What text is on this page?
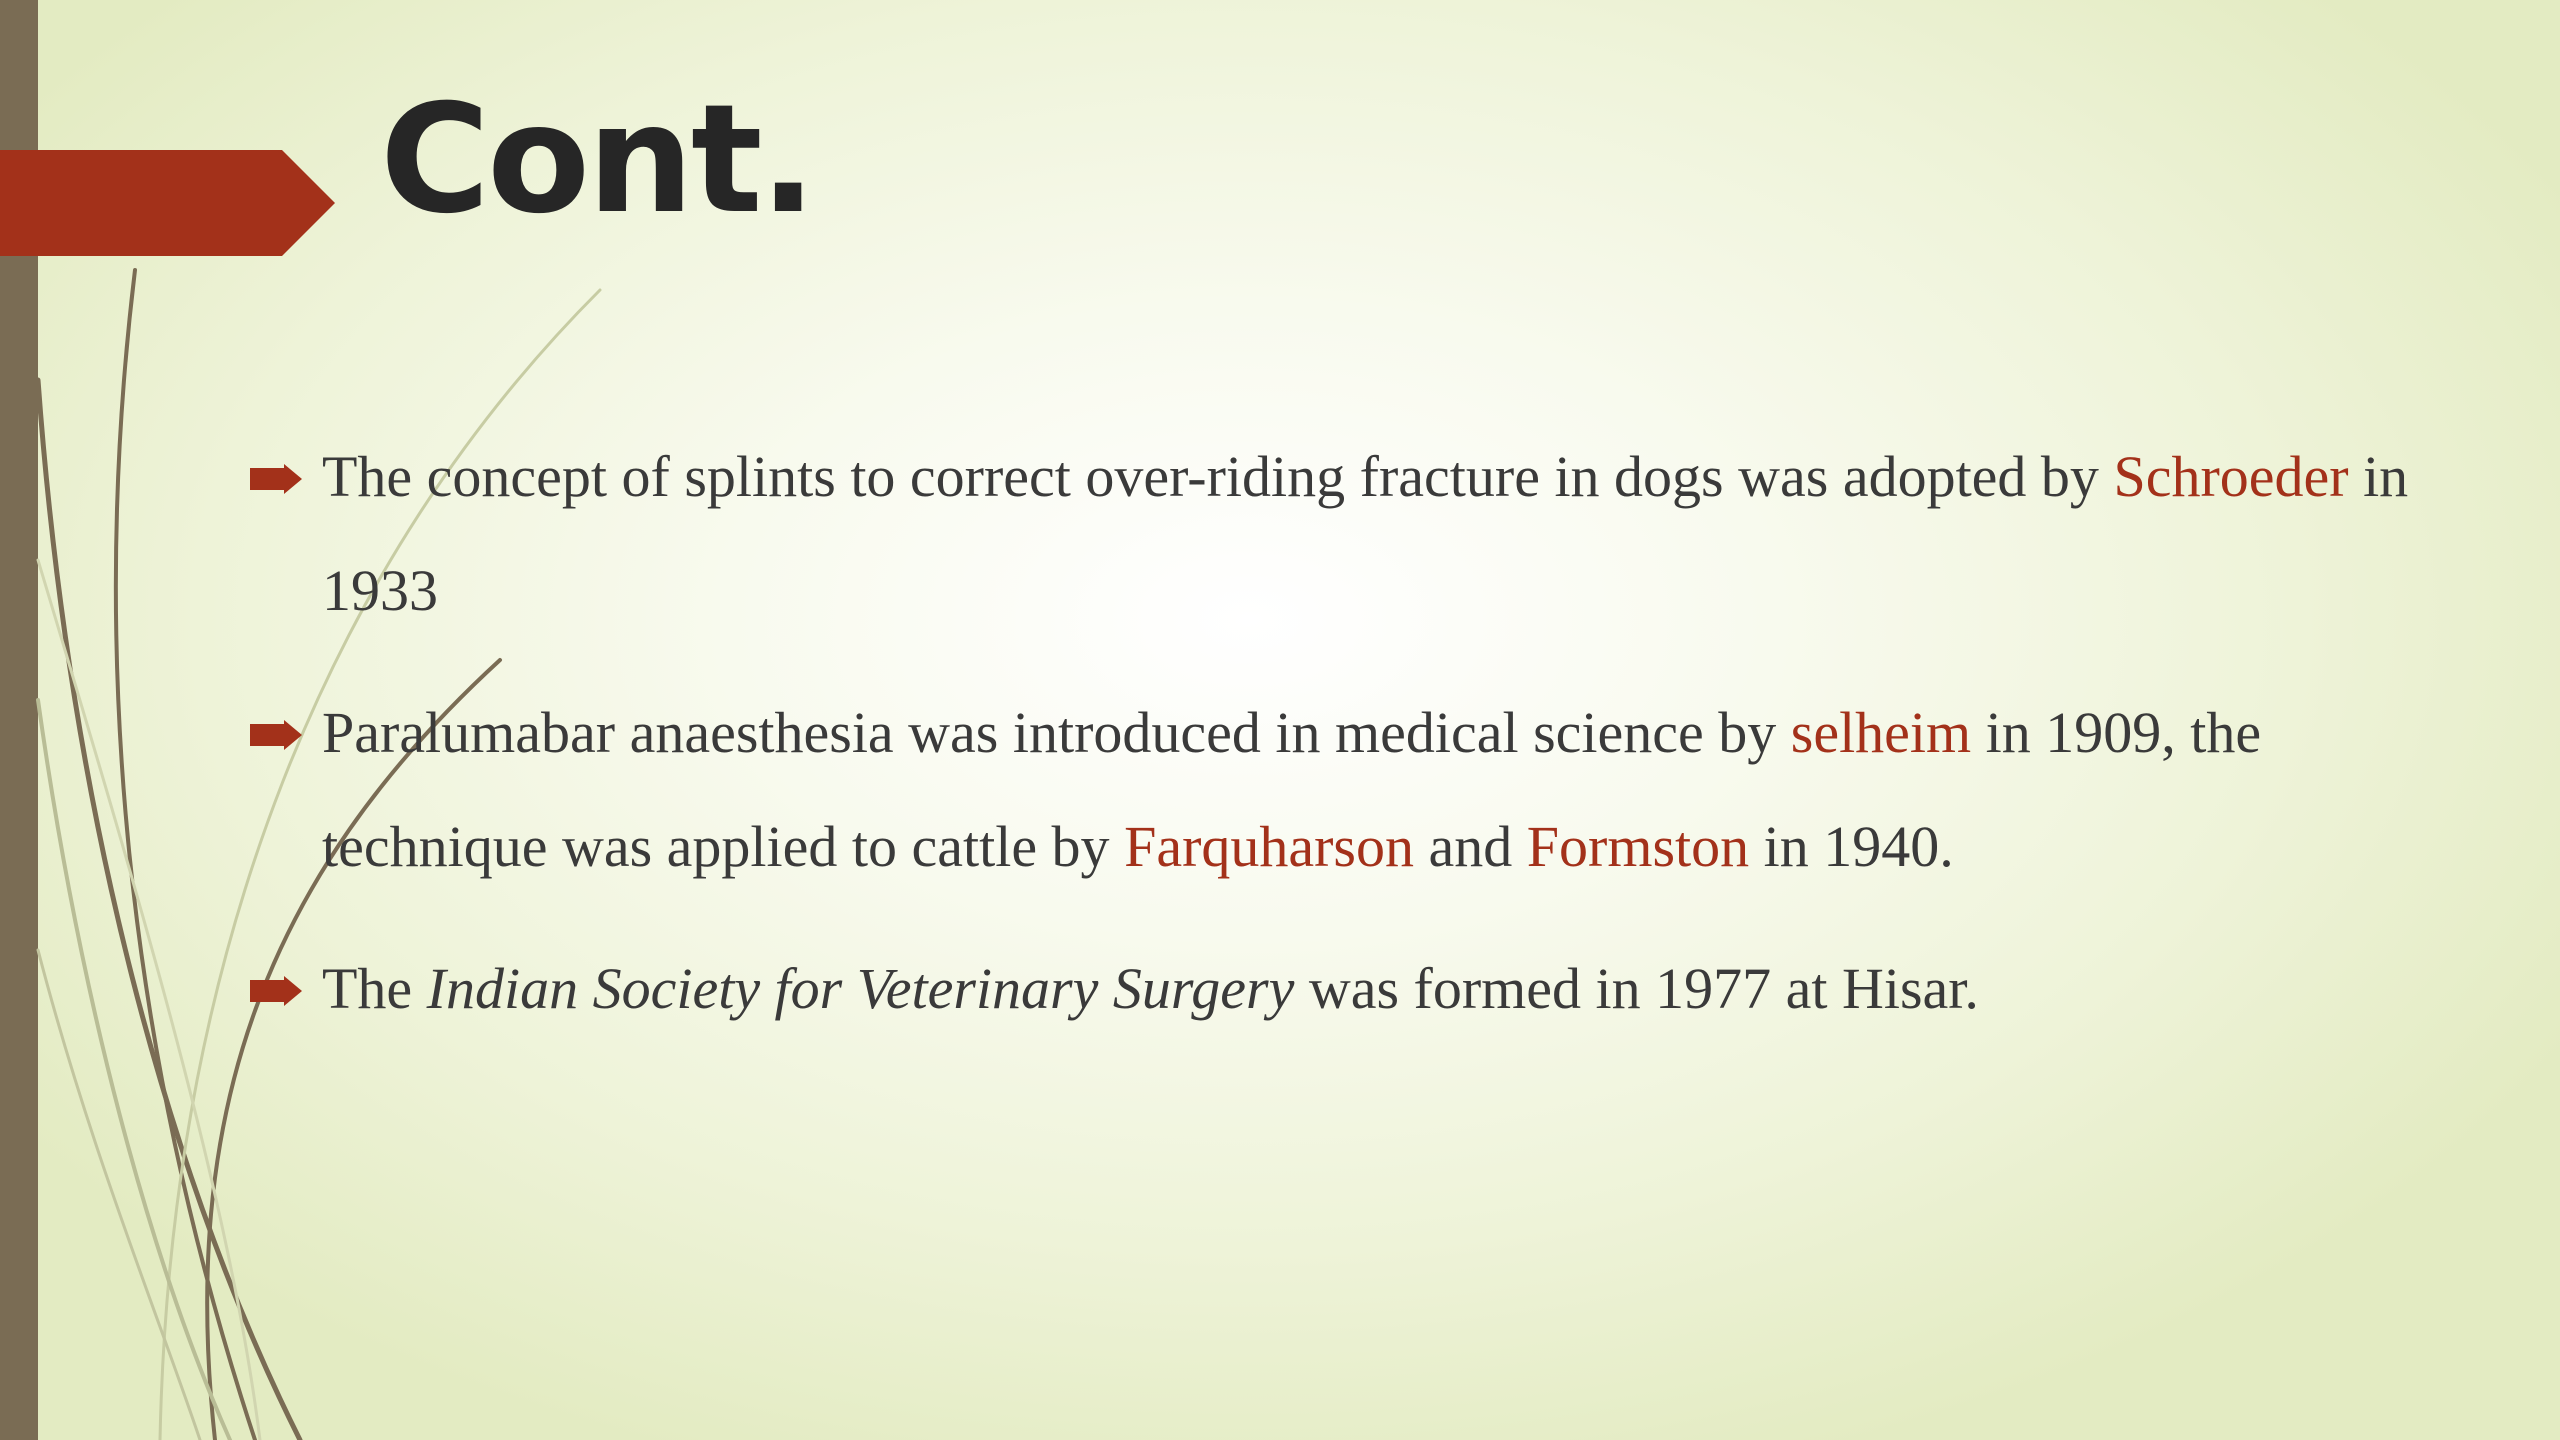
Cont.
The concept of splints to correct over-riding fracture in dogs was adopted by Schroeder in 1933
Paralumabar anaesthesia was introduced in medical science by selheim in 1909, the technique was applied to cattle by Farquharson and Formston in 1940.
The Indian Society for Veterinary Surgery was formed in 1977 at Hisar.
